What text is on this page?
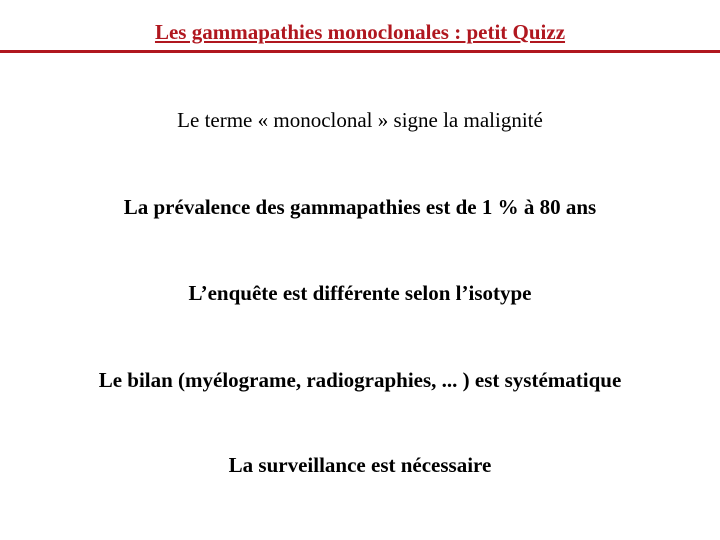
Les gammapathies monoclonales : petit Quizz
Le terme « monoclonal » signe la malignité
La prévalence des gammapathies est de 1 % à 80 ans
L’enquête est différente selon l’isotype
Le bilan (myélograme, radiographies, ... ) est systématique
La surveillance est nécessaire
